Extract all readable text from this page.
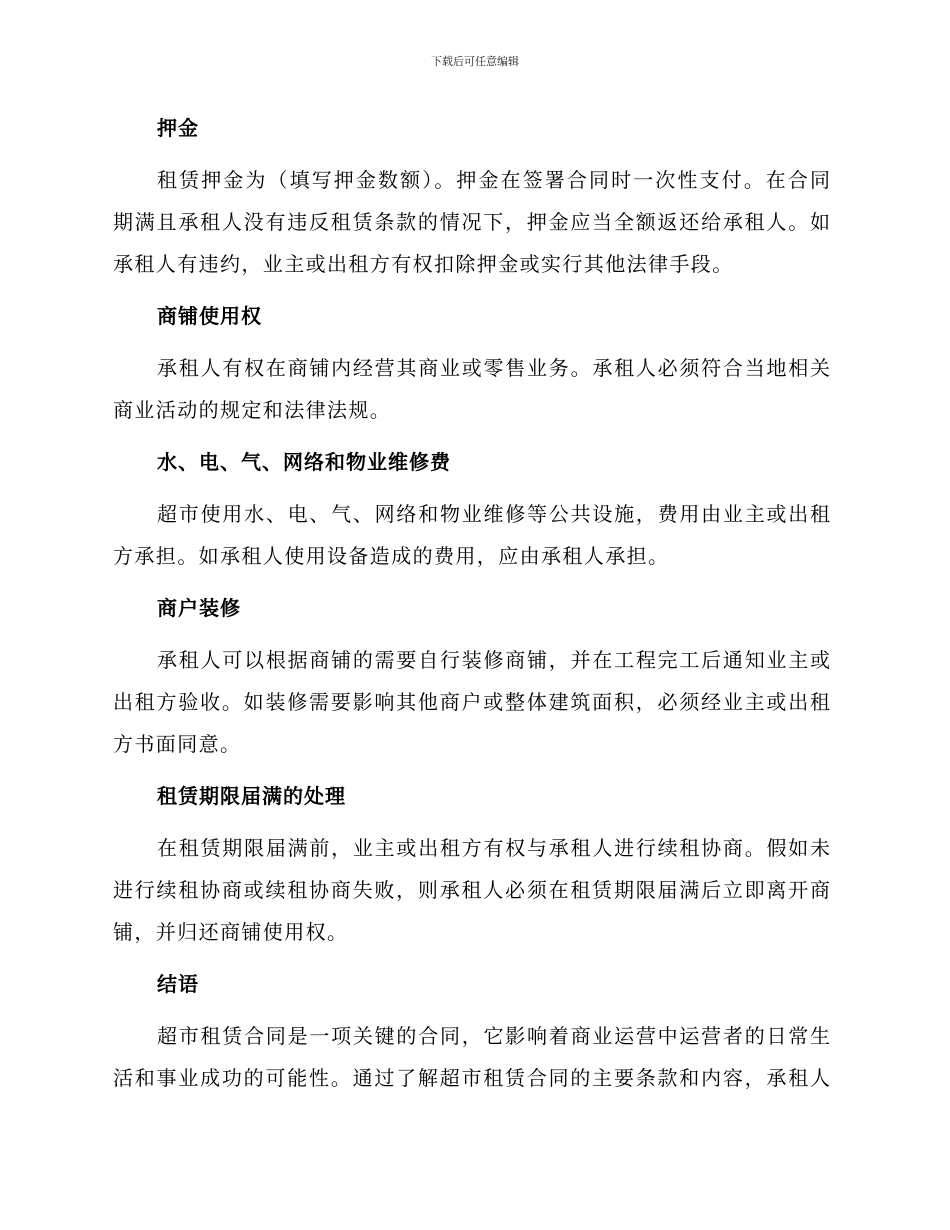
下载后可任意编辑
押金
租赁押金为（填写押金数额）。押金在签署合同时一次性支付。在合同
期满且承租人没有违反租赁条款的情况下，押金应当全额返还给承租人。如
承租人有违约，业主或出租方有权扣除押金或实行其他法律手段。
商铺使用权
承租人有权在商铺内经营其商业或零售业务。承租人必须符合当地相关
商业活动的规定和法律法规。
水、电、气、网络和物业维修费
超市使用水、电、气、网络和物业维修等公共设施，费用由业主或出租
方承担。如承租人使用设备造成的费用，应由承租人承担。
商户装修
承租人可以根据商铺的需要自行装修商铺，并在工程完工后通知业主或
出租方验收。如装修需要影响其他商户或整体建筑面积，必须经业主或出租
方书面同意。
租赁期限届满的处理
在租赁期限届满前，业主或出租方有权与承租人进行续租协商。假如未
进行续租协商或续租协商失败，则承租人必须在租赁期限届满后立即离开商
铺，并归还商铺使用权。
结语
超市租赁合同是一项关键的合同，它影响着商业运营中运营者的日常生
活和事业成功的可能性。通过了解超市租赁合同的主要条款和内容，承租人
